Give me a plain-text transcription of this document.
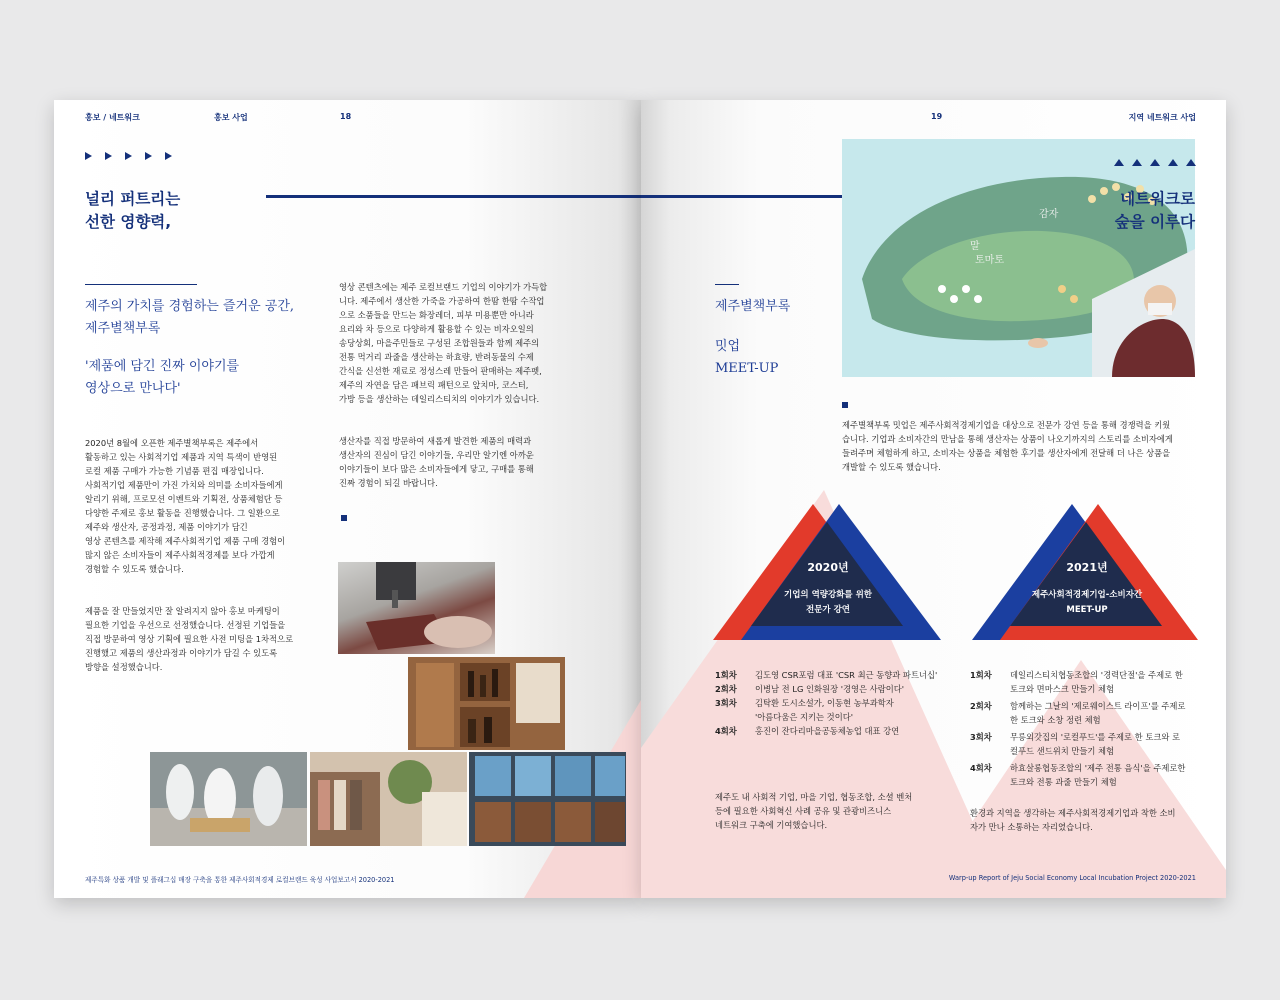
홍보 / 네트워크	홍보 사업	18
널리 퍼트리는
선한 영향력,
제주의 가치를 경험하는 즐거운 공간,
제주별책부록
'제품에 담긴 진짜 이야기를
영상으로 만나다'

2020년 8월에 오픈한 제주별책부록은 제주에서

활동하고 있는 사회적기업 제품과 지역 특색이 반영된

로컬 제품 구매가 가능한 기념품 편집 매장입니다.

사회적기업 제품만이 가진 가치와 의미를 소비자들에게

알리기 위해, 프로모션 이벤트와 기획전, 상품체험단 등

다양한 주제로 홍보 활동을 진행했습니다. 그 일환으로

제주와 생산자, 공정과정, 제품 이야기가 담긴

영상 콘텐츠를 제작해 제주사회적기업 제품 구매 경험이

많지 않은 소비자들이 제주사회적경제를 보다 가깝게

경험할 수 있도록 했습니다.

제품을 잘 만들었지만 잘 알려지지 않아 홍보 마케팅이

필요한 기업을 우선으로 선정했습니다. 선정된 기업들을

직접 방문하여 영상 기획에 필요한 사전 미팅을 1차적으로

진행했고 제품의 생산과정과 이야기가 담길 수 있도록

방향을 설정했습니다.

영상 콘텐츠에는 제주 로컬브랜드 기업의 이야기가 가득합

니다. 제주에서 생산한 가죽을 가공하여 한땀 한땀 수작업

으로 소품들을 만드는 화장레더, 피부 미용뿐만 아니라

요리와 차 등으로 다양하게 활용할 수 있는 비자오일의

송당상회, 마을주민들로 구성된 조합원들과 함께 제주의

전통 먹거리 과줄을 생산하는 하효량, 반려동물의 수제

간식을 신선한 재료로 정성스레 만들어 판매하는 제주펫,

제주의 자연을 담은 패브릭 패턴으로 앞치마, 코스터,

가방 등을 생산하는 데일리스티치의 이야기가 있습니다.

생산자를 직접 방문하여 새롭게 발견한 제품의 매력과

생산자의 진심이 담긴 이야기들, 우리만 알기엔 아까운

이야기들이 보다 많은 소비자들에게 닿고, 구매를 통해

진짜 경험이 되길 바랍니다.

제주특화 상품 개발 및 플래그십 매장 구축을 통한 제주사회적경제 로컬브랜드 육성 사업보고서 2020-2021
19	지역 네트워크 사업
감자
말
토마토
네트워크로
숲을 이루다
제주별책부록
밋업
MEET-UP

제주별책부록 밋업은 제주사회적경제기업을 대상으로 전문가 강연 등을 통해 경쟁력을 키웠

습니다. 기업과 소비자간의 만남을 통해 생산자는 상품이 나오기까지의 스토리를 소비자에게

들려주며 체험하게 하고, 소비자는 상품을 체험한 후기를 생산자에게 전달해 더 나은 상품을

개발할 수 있도록 했습니다.

2020년
기업의 역량강화를 위한
전문가 강연
2021년
제주사회적경제기업-소비자간
MEET-UP
1회차	김도영 CSR포럼 대표 'CSR 최근 동향과 파트너십'
2회차	이병남 전 LG 인화원장 '경영은 사람이다'
3회차	김탁환 도시소설가, 이동현 농부과학자
'아름다움은 지키는 것이다'
4회차	홍진이 잔다리마을공동체농업 대표 강연
1회차	데일리스티치협동조합의 '경력단절'을 주제로 한
토크와 면마스크 만들기 체험
2회차	함께하는 그날의 '제로웨이스트 라이프'를 주제로
한 토크와 소창 정련 체험
3회차	무릉외갓집의 '로컬푸드'를 주제로 한 토크와 로
컬푸드 샌드위치 만들기 체험
4회차	하효살롱협동조합의 '제주 전통 음식'을 주제로한
토크와 전통 과줄 만들기 체험

제주도 내 사회적 기업, 마을 기업, 협동조합, 소셜 벤처

등에 필요한 사회혁신 사례 공유 및 관광비즈니스

네트워크 구축에 기여했습니다.

환경과 지역을 생각하는 제주사회적경제기업과 착한 소비

자가 만나 소통하는 자리였습니다.

Warp-up Report of Jeju Social Economy Local Incubation Project 2020-2021
